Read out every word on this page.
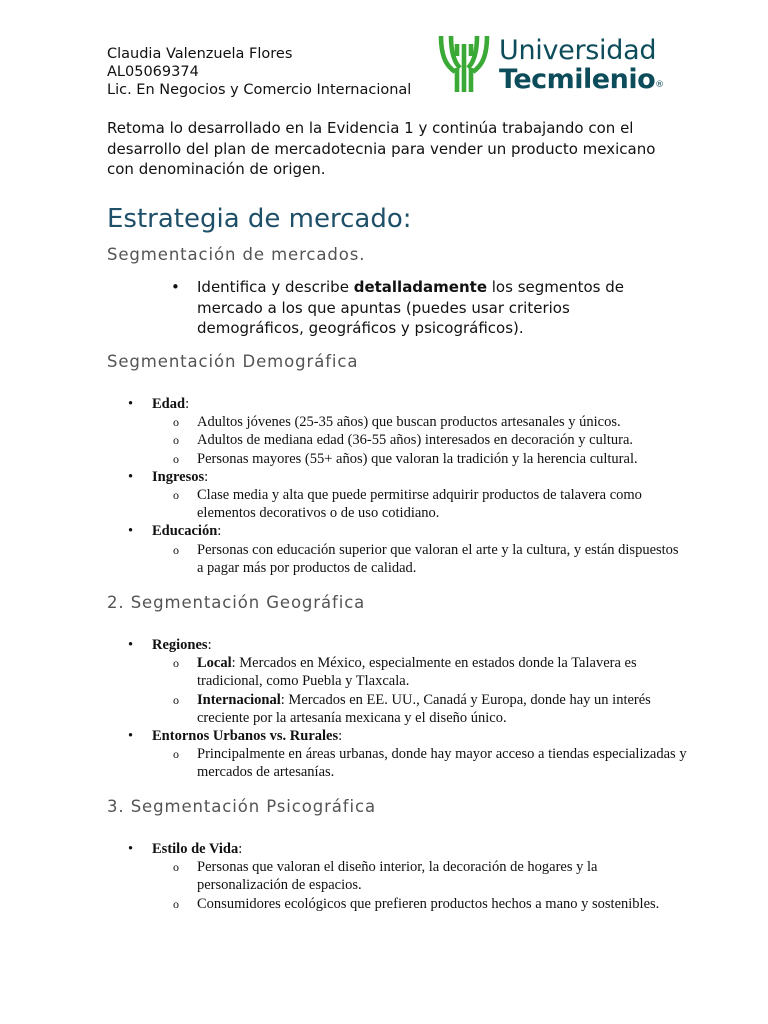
Claudia Valenzuela Flores
AL05069374
Lic. En Negocios y Comercio Internacional
Universidad
Tecmilenio®
Retoma lo desarrollado en la Evidencia 1 y continúa trabajando con el desarrollo del plan de mercadotecnia para vender un producto mexicano con denominación de origen.
Estrategia de mercado:
Segmentación de mercados.
• Identifica y describe detalladamente los segmentos de mercado a los que apuntas (puedes usar criterios demográficos, geográficos y psicográficos).
Segmentación Demográfica
• Edad:
o Adultos jóvenes (25-35 años) que buscan productos artesanales y únicos.
o Adultos de mediana edad (36-55 años) interesados en decoración y cultura.
o Personas mayores (55+ años) que valoran la tradición y la herencia cultural.
• Ingresos:
o Clase media y alta que puede permitirse adquirir productos de talavera como elementos decorativos o de uso cotidiano.
• Educación:
o Personas con educación superior que valoran el arte y la cultura, y están dispuestos a pagar más por productos de calidad.
2. Segmentación Geográfica
• Regiones:
o Local: Mercados en México, especialmente en estados donde la Talavera es tradicional, como Puebla y Tlaxcala.
o Internacional: Mercados en EE. UU., Canadá y Europa, donde hay un interés creciente por la artesanía mexicana y el diseño único.
• Entornos Urbanos vs. Rurales:
o Principalmente en áreas urbanas, donde hay mayor acceso a tiendas especializadas y mercados de artesanías.
3. Segmentación Psicográfica
• Estilo de Vida:
o Personas que valoran el diseño interior, la decoración de hogares y la personalización de espacios.
o Consumidores ecológicos que prefieren productos hechos a mano y sostenibles.
